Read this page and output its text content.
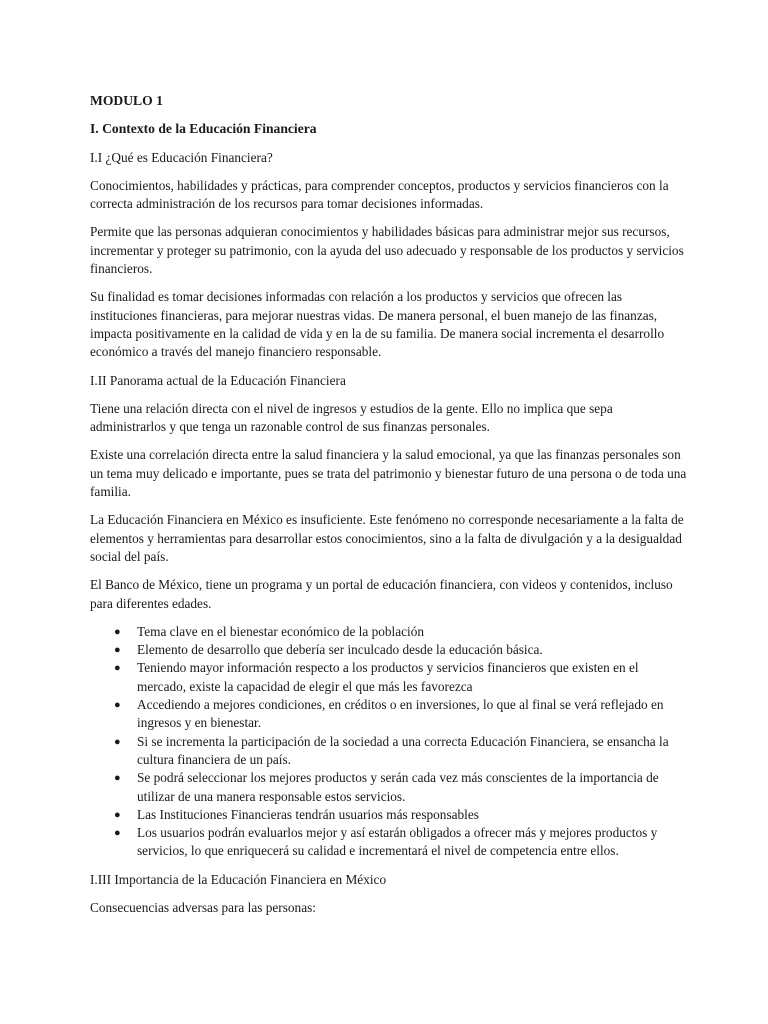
MODULO 1

I. Contexto de la Educación Financiera

I.I ¿Qué es Educación Financiera?

Conocimientos, habilidades y prácticas, para comprender conceptos, productos y servicios financieros con la correcta administración de los recursos para tomar decisiones informadas.

Permite que las personas adquieran conocimientos y habilidades básicas para administrar mejor sus recursos, incrementar y proteger su patrimonio, con la ayuda del uso adecuado y responsable de los productos y servicios financieros.

Su finalidad es tomar decisiones informadas con relación a los productos y servicios que ofrecen las instituciones financieras, para mejorar nuestras vidas. De manera personal, el buen manejo de las finanzas, impacta positivamente en la calidad de vida y en la de su familia. De manera social incrementa el desarrollo económico a través del manejo financiero responsable.

I.II Panorama actual de la Educación Financiera

Tiene una relación directa con el nivel de ingresos y estudios de la gente. Ello no implica que sepa administrarlos y que tenga un razonable control de sus finanzas personales.

Existe una correlación directa entre la salud financiera y la salud emocional, ya que las finanzas personales son un tema muy delicado e importante, pues se trata del patrimonio y bienestar futuro de una persona o de toda una familia.

La Educación Financiera en México es insuficiente. Este fenómeno no corresponde necesariamente a la falta de elementos y herramientas para desarrollar estos conocimientos, sino a la falta de divulgación y a la desigualdad social del país.

El Banco de México, tiene un programa y un portal de educación financiera, con videos y contenidos, incluso para diferentes edades.

● Tema clave en el bienestar económico de la población
● Elemento de desarrollo que debería ser inculcado desde la educación básica.
● Teniendo mayor información respecto a los productos y servicios financieros que existen en el mercado, existe la capacidad de elegir el que más les favorezca
● Accediendo a mejores condiciones, en créditos o en inversiones, lo que al final se verá reflejado en ingresos y en bienestar.
● Si se incrementa la participación de la sociedad a una correcta Educación Financiera, se ensancha la cultura financiera de un país.
● Se podrá seleccionar los mejores productos y serán cada vez más conscientes de la importancia de utilizar de una manera responsable estos servicios.
● Las Instituciones Financieras tendrán usuarios más responsables
● Los usuarios podrán evaluarlos mejor y así estarán obligados a ofrecer más y mejores productos y servicios, lo que enriquecerá su calidad e incrementará el nivel de competencia entre ellos.

I.III Importancia de la Educación Financiera en México

Consecuencias adversas para las personas:
